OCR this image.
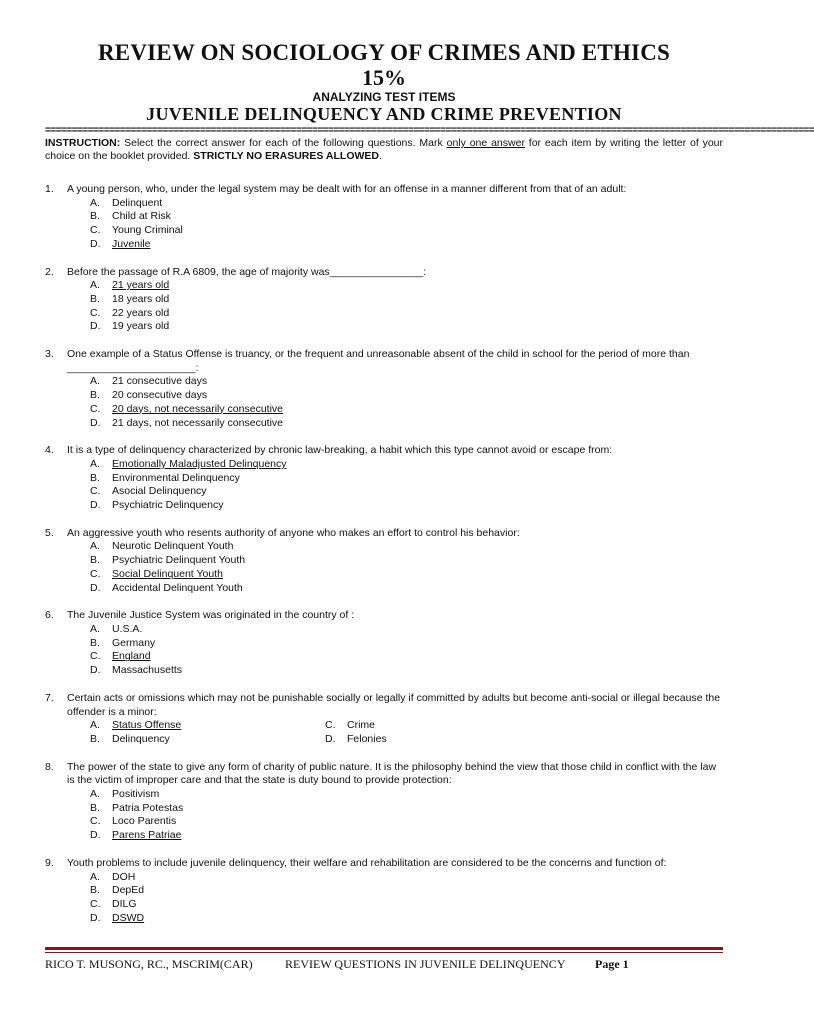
REVIEW ON SOCIOLOGY OF CRIMES AND ETHICS
15%
ANALYZING TEST ITEMS
JUVENILE DELINQUENCY AND CRIME PREVENTION
================================================================================================================================================
INSTRUCTION: Select the correct answer for each of the following questions. Mark only one answer for each item by writing the letter of your choice on the booklet provided. STRICTLY NO ERASURES ALLOWED.
1. A young person, who, under the legal system may be dealt with for an offense in a manner different from that of an adult:
A.	Delinquent
B.	Child at Risk
C.	Young Criminal
D.	Juvenile
2. Before the passage of R.A 6809, the age of majority was________________:
A.	21 years old
B.	18 years old
C.	22 years old
D.	19 years old
3. One example of a Status Offense is truancy, or the frequent and unreasonable absent of the child in school for the period of more than ______________________:
A.	21 consecutive days
B.	20 consecutive days
C.	20 days, not necessarily consecutive
D.	21 days, not necessarily consecutive
4. It is a type of delinquency characterized by chronic law-breaking, a habit which this type cannot avoid or escape from:
A.	Emotionally Maladjusted Delinquency
B.	Environmental Delinquency
C.	Asocial Delinquency
D.	Psychiatric Delinquency
5. An aggressive youth who resents authority of anyone who makes an effort to control his behavior:
A.	Neurotic Delinquent Youth
B.	Psychiatric Delinquent Youth
C.	Social Delinquent Youth
D.	Accidental Delinquent Youth
6. The Juvenile Justice System was originated in the country of :
A.	U.S.A.
B.	Germany
C.	England
D.	Massachusetts
7. Certain acts or omissions which may not be punishable socially or legally if committed by adults but become anti-social or illegal because the offender is a minor:
A.	Status Offense	C.	Crime
B.	Delinquency	D.	Felonies
8. The power of the state to give any form of charity of public nature. It is the philosophy behind the view that those child in conflict with the law is the victim of improper care and that the state is duty bound to provide protection:
A.	Positivism
B.	Patria Potestas
C.	Loco Parentis
D.	Parens Patriae
9. Youth problems to include juvenile delinquency, their welfare and rehabilitation are considered to be the concerns and function of:
A.	DOH
B.	DepEd
C.	DILG
D.	DSWD
RICO T. MUSONG, RC., MSCRIM(CAR)	REVIEW QUESTIONS IN JUVENILE DELINQUENCY	Page 1
